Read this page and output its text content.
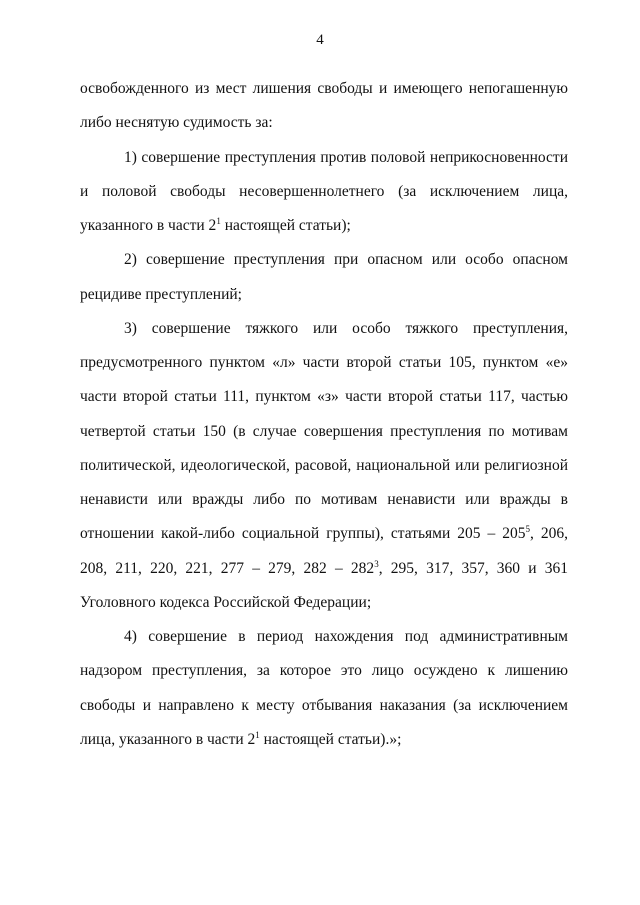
4

освобожденного из мест лишения свободы и имеющего непогашенную либо неснятую судимость за:

1) совершение преступления против половой неприкосновенности и половой свободы несовершеннолетнего (за исключением лица, указанного в части $2^1$ настоящей статьи);

2) совершение преступления при опасном или особо опасном рецидиве преступлений;

3) совершение тяжкого или особо тяжкого преступления, предусмотренного пунктом «л» части второй статьи 105, пунктом «е» части второй статьи 111, пунктом «з» части второй статьи 117, частью четвертой статьи 150 (в случае совершения преступления по мотивам политической, идеологической, расовой, национальной или религиозной ненависти или вражды либо по мотивам ненависти или вражды в отношении какой-либо социальной группы), статьями $205 - 205^5$, 206, 208, 211, 220, 221, 277 – 279, $282 - 282^3$, 295, 317, 357, 360 и 361 Уголовного кодекса Российской Федерации;

4) совершение в период нахождения под административным надзором преступления, за которое это лицо осуждено к лишению свободы и направлено к месту отбывания наказания (за исключением лица, указанного в части $2^1$ настоящей статьи).»;
